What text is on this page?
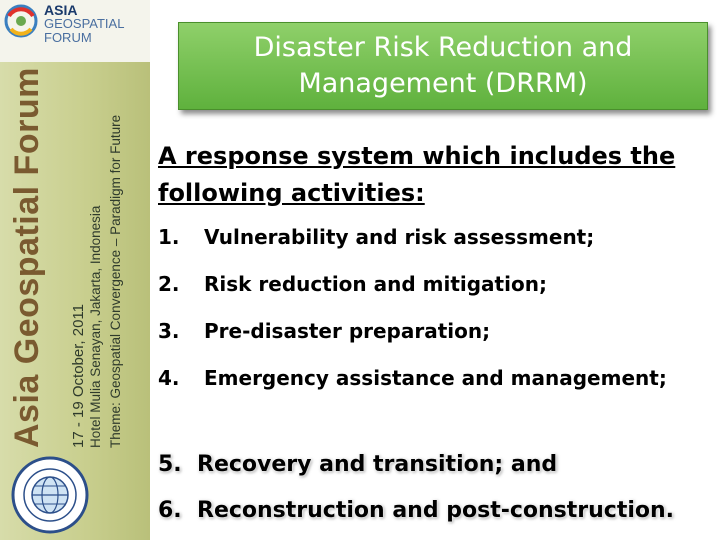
ASIA
GEOSPATIAL
FORUM
Asia Geospatial Forum 17 - 19 October, 2011 Hotel Mulia Senayan, Jakarta, Indonesia Theme: Geospatial Convergence – Paradigm for Future
Disaster Risk Reduction and Management (DRRM)
A response system which includes the following activities:
1. Vulnerability and risk assessment;
2. Risk reduction and mitigation;
3. Pre-disaster preparation;
4. Emergency assistance and management;
5. Recovery and transition; and
6. Reconstruction and post-construction.
